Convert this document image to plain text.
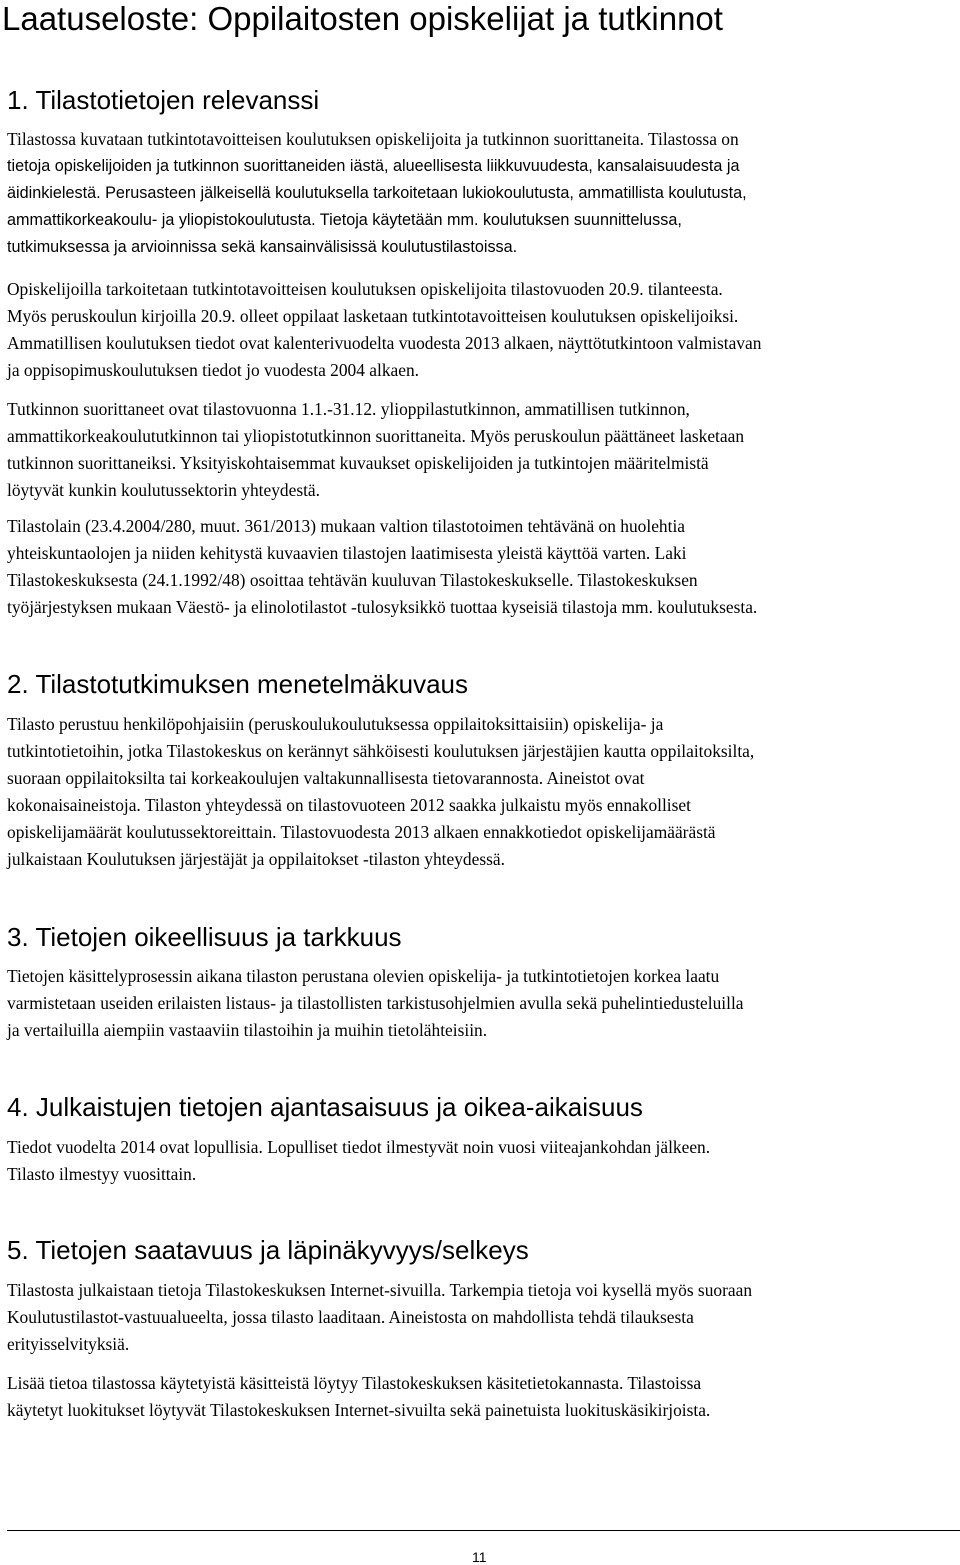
Laatuseloste: Oppilaitosten opiskelijat ja tutkinnot
1. Tilastotietojen relevanssi

Tilastossa kuvataan tutkintotavoitteisen koulutuksen opiskelijoita ja tutkinnon suorittaneita. Tilastossa on
tietoja opiskelijoiden ja tutkinnon suorittaneiden iästä, alueellisesta liikkuvuudesta, kansalaisuudesta ja
äidinkielestä. Perusasteen jälkeisellä koulutuksella tarkoitetaan lukiokoulutusta, ammatillista koulutusta,
ammattikorkeakoulu- ja yliopistokoulutusta. Tietoja käytetään mm. koulutuksen suunnittelussa,
tutkimuksessa ja arvioinnissa sekä kansainvälisissä koulutustilastoissa.

Opiskelijoilla tarkoitetaan tutkintotavoitteisen koulutuksen opiskelijoita tilastovuoden 20.9. tilanteesta.
Myös peruskoulun kirjoilla 20.9. olleet oppilaat lasketaan tutkintotavoitteisen koulutuksen opiskelijoiksi.
Ammatillisen koulutuksen tiedot ovat kalenterivuodelta vuodesta 2013 alkaen, näyttötutkintoon valmistavan
ja oppisopimuskoulutuksen tiedot jo vuodesta 2004 alkaen.

Tutkinnon suorittaneet ovat tilastovuonna 1.1.-31.12. ylioppilastutkinnon, ammatillisen tutkinnon,
ammattikorkeakoulututkinnon tai yliopistotutkinnon suorittaneita. Myös peruskoulun päättäneet lasketaan
tutkinnon suorittaneiksi. Yksityiskohtaisemmat kuvaukset opiskelijoiden ja tutkintojen määritelmistä
löytyvät kunkin koulutussektorin yhteydestä.

Tilastolain (23.4.2004/280, muut. 361/2013) mukaan valtion tilastotoimen tehtävänä on huolehtia
yhteiskuntaolojen ja niiden kehitystä kuvaavien tilastojen laatimisesta yleistä käyttöä varten. Laki
Tilastokeskuksesta (24.1.1992/48) osoittaa tehtävän kuuluvan Tilastokeskukselle. Tilastokeskuksen
työjärjestyksen mukaan Väestö- ja elinolotilastot -tulosyksikkö tuottaa kyseisiä tilastoja mm. koulutuksesta.

2. Tilastotutkimuksen menetelmäkuvaus

Tilasto perustuu henkilöpohjaisiin (peruskoulukoulutuksessa oppilaitoksittaisiin) opiskelija- ja
tutkintotietoihin, jotka Tilastokeskus on kerännyt sähköisesti koulutuksen järjestäjien kautta oppilaitoksilta,
suoraan oppilaitoksilta tai korkeakoulujen valtakunnallisesta tietovarannosta. Aineistot ovat
kokonaisaineistoja. Tilaston yhteydessä on tilastovuoteen 2012 saakka julkaistu myös ennakolliset
opiskelijamäärät koulutussektoreittain. Tilastovuodesta 2013 alkaen ennakkotiedot opiskelijamäärästä
julkaistaan Koulutuksen järjestäjät ja oppilaitokset -tilaston yhteydessä.

3. Tietojen oikeellisuus ja tarkkuus

Tietojen käsittelyprosessin aikana tilaston perustana olevien opiskelija- ja tutkintotietojen korkea laatu
varmistetaan useiden erilaisten listaus- ja tilastollisten tarkistusohjelmien avulla sekä puhelintiedusteluilla
ja vertailuilla aiempiin vastaaviin tilastoihin ja muihin tietolähteisiin.

4. Julkaistujen tietojen ajantasaisuus ja oikea-aikaisuus

Tiedot vuodelta 2014 ovat lopullisia. Lopulliset tiedot ilmestyvät noin vuosi viiteajankohdan jälkeen.
Tilasto ilmestyy vuosittain.

5. Tietojen saatavuus ja läpinäkyvyys/selkeys

Tilastosta julkaistaan tietoja Tilastokeskuksen Internet-sivuilla. Tarkempia tietoja voi kysellä myös suoraan
Koulutustilastot-vastuualueelta, jossa tilasto laaditaan. Aineistosta on mahdollista tehdä tilauksesta
erityisselvityksiä.

Lisää tietoa tilastossa käytetyistä käsitteistä löytyy Tilastokeskuksen käsitetietokannasta. Tilastoissa
käytetyt luokitukset löytyvät Tilastokeskuksen Internet-sivuilta sekä painetuista luokituskäsikirjoista.

11
